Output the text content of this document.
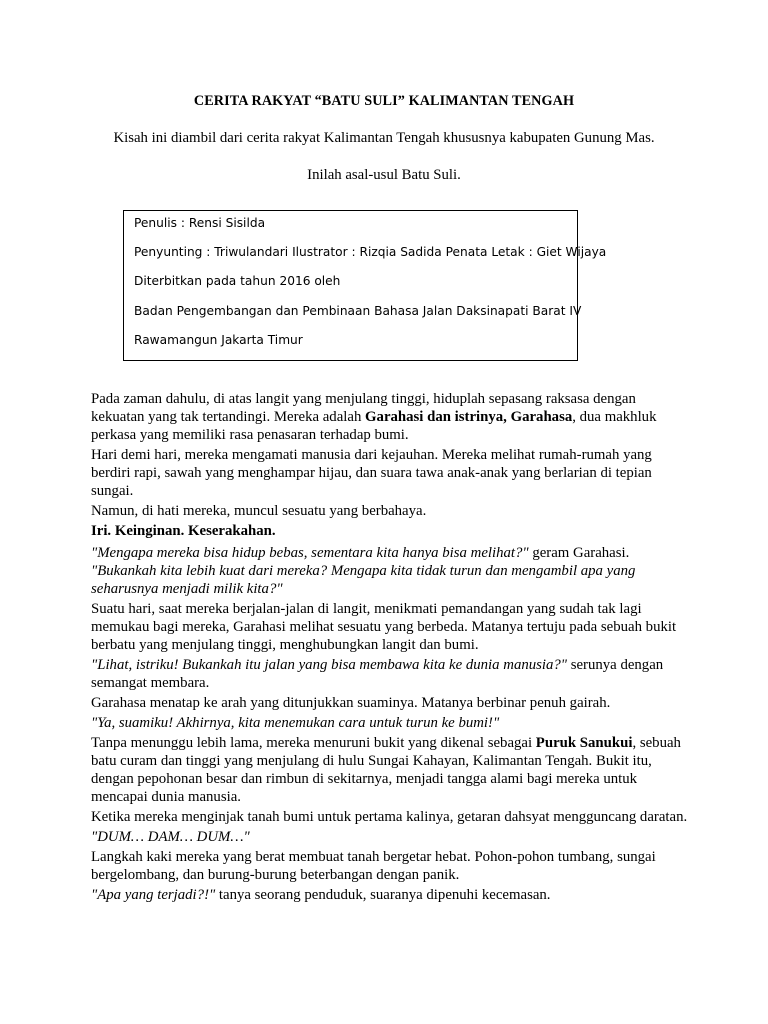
CERITA RAKYAT “BATU SULI” KALIMANTAN TENGAH
Kisah ini diambil dari cerita rakyat Kalimantan Tengah khususnya kabupaten Gunung Mas.
Inilah asal-usul Batu Suli.
Penulis : Rensi Sisilda
Penyunting : Triwulandari Ilustrator : Rizqia Sadida Penata Letak : Giet Wijaya
Diterbitkan pada tahun 2016 oleh
Badan Pengembangan dan Pembinaan Bahasa Jalan Daksinapati Barat IV
Rawamangun Jakarta Timur

Pada zaman dahulu, di atas langit yang menjulang tinggi, hiduplah sepasang raksasa dengan kekuatan yang tak tertandingi. Mereka adalah Garahasi dan istrinya, Garahasa, dua makhluk perkasa yang memiliki rasa penasaran terhadap bumi.

Hari demi hari, mereka mengamati manusia dari kejauhan. Mereka melihat rumah-rumah yang berdiri rapi, sawah yang menghampar hijau, dan suara tawa anak-anak yang berlarian di tepian sungai.

Namun, di hati mereka, muncul sesuatu yang berbahaya.

Iri. Keinginan. Keserakahan.

"Mengapa mereka bisa hidup bebas, sementara kita hanya bisa melihat?" geram Garahasi.
"Bukankah kita lebih kuat dari mereka? Mengapa kita tidak turun dan mengambil apa yang seharusnya menjadi milik kita?"

Suatu hari, saat mereka berjalan-jalan di langit, menikmati pemandangan yang sudah tak lagi memukau bagi mereka, Garahasi melihat sesuatu yang berbeda. Matanya tertuju pada sebuah bukit berbatu yang menjulang tinggi, menghubungkan langit dan bumi.

"Lihat, istriku! Bukankah itu jalan yang bisa membawa kita ke dunia manusia?" serunya dengan semangat membara.

Garahasa menatap ke arah yang ditunjukkan suaminya. Matanya berbinar penuh gairah.

"Ya, suamiku! Akhirnya, kita menemukan cara untuk turun ke bumi!"

Tanpa menunggu lebih lama, mereka menuruni bukit yang dikenal sebagai Puruk Sanukui, sebuah batu curam dan tinggi yang menjulang di hulu Sungai Kahayan, Kalimantan Tengah. Bukit itu, dengan pepohonan besar dan rimbun di sekitarnya, menjadi tangga alami bagi mereka untuk mencapai dunia manusia.

Ketika mereka menginjak tanah bumi untuk pertama kalinya, getaran dahsyat mengguncang daratan.

"DUM… DAM… DUM…"

Langkah kaki mereka yang berat membuat tanah bergetar hebat. Pohon-pohon tumbang, sungai bergelombang, dan burung-burung beterbangan dengan panik.

"Apa yang terjadi?!" tanya seorang penduduk, suaranya dipenuhi kecemasan.
